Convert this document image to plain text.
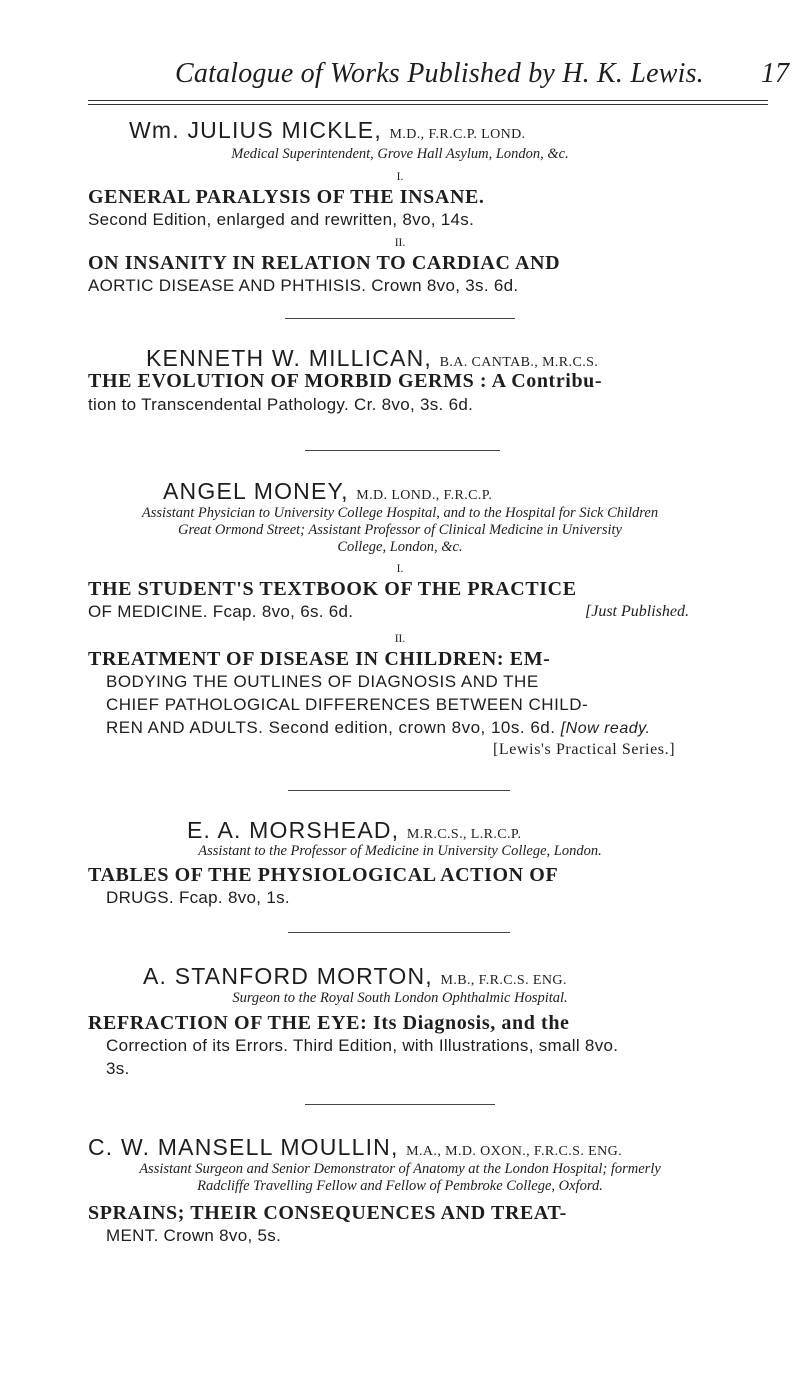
Catalogue of Works Published by H. K. Lewis. 17
Wm. JULIUS MICKLE, M.D., F.R.C.P. LOND.
Medical Superintendent, Grove Hall Asylum, London, &c.
I.
GENERAL PARALYSIS OF THE INSANE.
Second Edition, enlarged and rewritten, 8vo, 14s.
II.
ON INSANITY IN RELATION TO CARDIAC AND
AORTIC DISEASE AND PHTHISIS. Crown 8vo, 3s. 6d.
KENNETH W. MILLICAN, B.A. CANTAB., M.R.C.S.
THE EVOLUTION OF MORBID GERMS : A Contribu-
tion to Transcendental Pathology. Cr. 8vo, 3s. 6d.
ANGEL MONEY, M.D. LOND., F.R.C.P.
Assistant Physician to University College Hospital, and to the Hospital for Sick Children
Great Ormond Street; Assistant Professor of Clinical Medicine in University
College, London, &c.
I.
THE STUDENT'S TEXTBOOK OF THE PRACTICE
OF MEDICINE. Fcap. 8vo, 6s. 6d.	[Just Published.
II.
TREATMENT OF DISEASE IN CHILDREN: EM-
BODYING THE OUTLINES OF DIAGNOSIS AND THE
CHIEF PATHOLOGICAL DIFFERENCES BETWEEN CHILD-
REN AND ADULTS. Second edition, crown 8vo, 10s. 6d. [Now ready.
[Lewis's Practical Series.]
E. A. MORSHEAD, M.R.C.S., L.R.C.P.
Assistant to the Professor of Medicine in University College, London.
TABLES OF THE PHYSIOLOGICAL ACTION OF
DRUGS. Fcap. 8vo, 1s.
A. STANFORD MORTON, M.B., F.R.C.S. ENG.
Surgeon to the Royal South London Ophthalmic Hospital.
REFRACTION OF THE EYE: Its Diagnosis, and the
Correction of its Errors. Third Edition, with Illustrations, small 8vo.
3s.
C. W. MANSELL MOULLIN, M.A., M.D. OXON., F.R.C.S. ENG.
Assistant Surgeon and Senior Demonstrator of Anatomy at the London Hospital; formerly
Radcliffe Travelling Fellow and Fellow of Pembroke College, Oxford.
SPRAINS; THEIR CONSEQUENCES AND TREAT-
MENT. Crown 8vo, 5s.
